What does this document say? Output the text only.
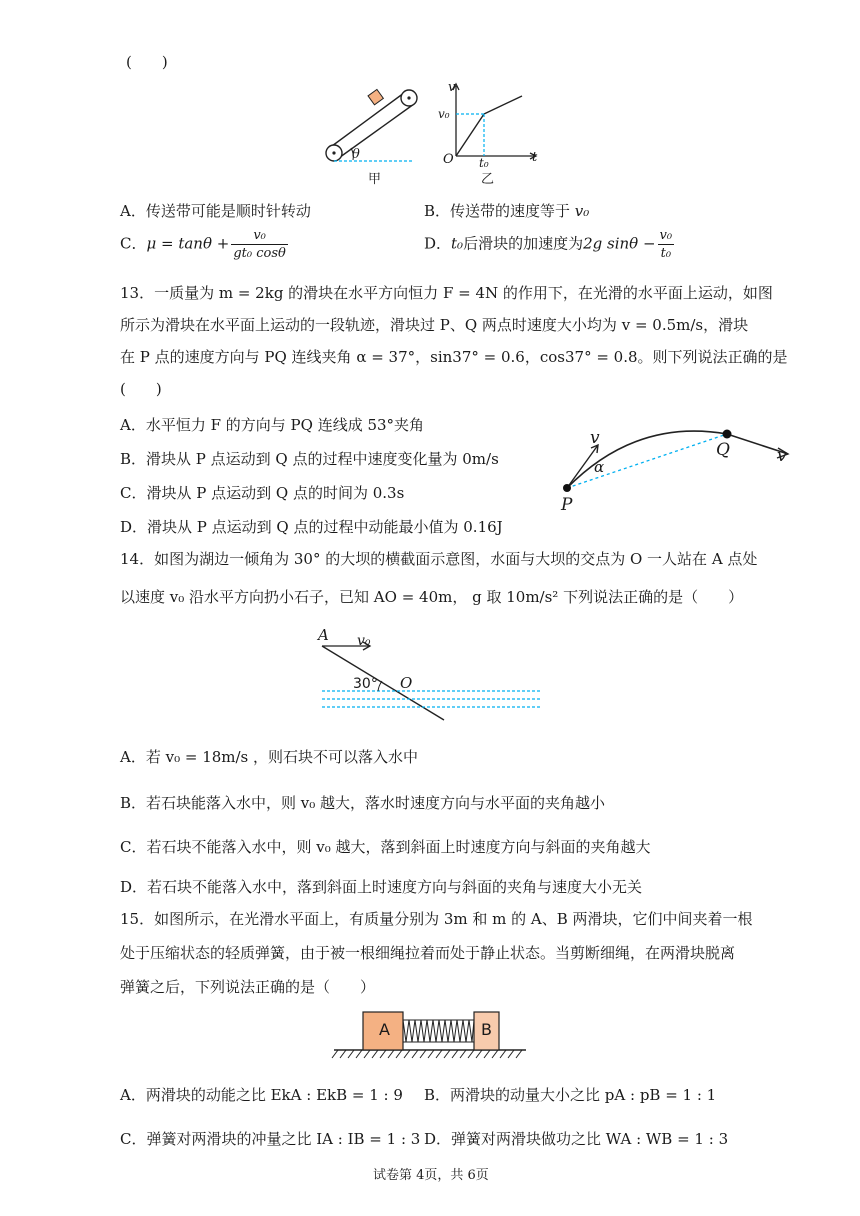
(　　)
θ
甲
v
v₀
O t₀	t
乙
A．传送带可能是顺时针转动	B．传送带的速度等于 v₀
C．$\mu = \tan\theta + \frac{\text{v₀}}{\text{gt₀ cosθ}}$	D．t₀后滑块的加速度为2g $\sin\theta - \frac{\text{v₀}}{\text{t₀}}$
13．一质量为 m = 2kg 的滑块在水平方向恒力 F = 4N 的作用下，在光滑的水平面上运动，如图
所示为滑块在水平面上运动的一段轨迹，滑块过 P、Q 两点时速度大小均为 v = 0.5m/s，滑块
在 P 点的速度方向与 PQ 连线夹角 α = 37°，sin37° = 0.6，cos37° = 0.8。则下列说法正确的是
(　　)
A．水平恒力 F 的方向与 PQ 连线成 53°夹角
B．滑块从 P 点运动到 Q 点的过程中速度变化量为 0m/s
C．滑块从 P 点运动到 Q 点的时间为 0.3s
D．滑块从 P 点运动到 Q 点的过程中动能最小值为 0.16J
v
α
P
Q	v
14．如图为湖边一倾角为 30° 的大坝的横截面示意图，水面与大坝的交点为 O 一人站在 A 点处
以速度 v₀ 沿水平方向扔小石子，已知 AO = 40m， g 取 10m/s² 下列说法正确的是（　　）
A v₀
30° O
A．若 v₀ = 18m/s ，则石块不可以落入水中
B．若石块能落入水中，则 v₀ 越大，落水时速度方向与水平面的夹角越小
C．若石块不能落入水中，则 v₀ 越大，落到斜面上时速度方向与斜面的夹角越大
D．若石块不能落入水中，落到斜面上时速度方向与斜面的夹角与速度大小无关
15．如图所示，在光滑水平面上，有质量分别为 3m 和 m 的 A、B 两滑块，它们中间夹着一根
处于压缩状态的轻质弹簧，由于被一根细绳拉着而处于静止状态。当剪断细绳，在两滑块脱离
弹簧之后，下列说法正确的是（　　）
A	B
A．两滑块的动能之比 EkA : EkB = 1 : 9 B．两滑块的动量大小之比 pA : pB = 1 : 1
C．弹簧对两滑块的冲量之比 IA : IB = 1 : 3 D．弹簧对两滑块做功之比 WA : WB = 1 : 3
试卷第 4页，共 6页
